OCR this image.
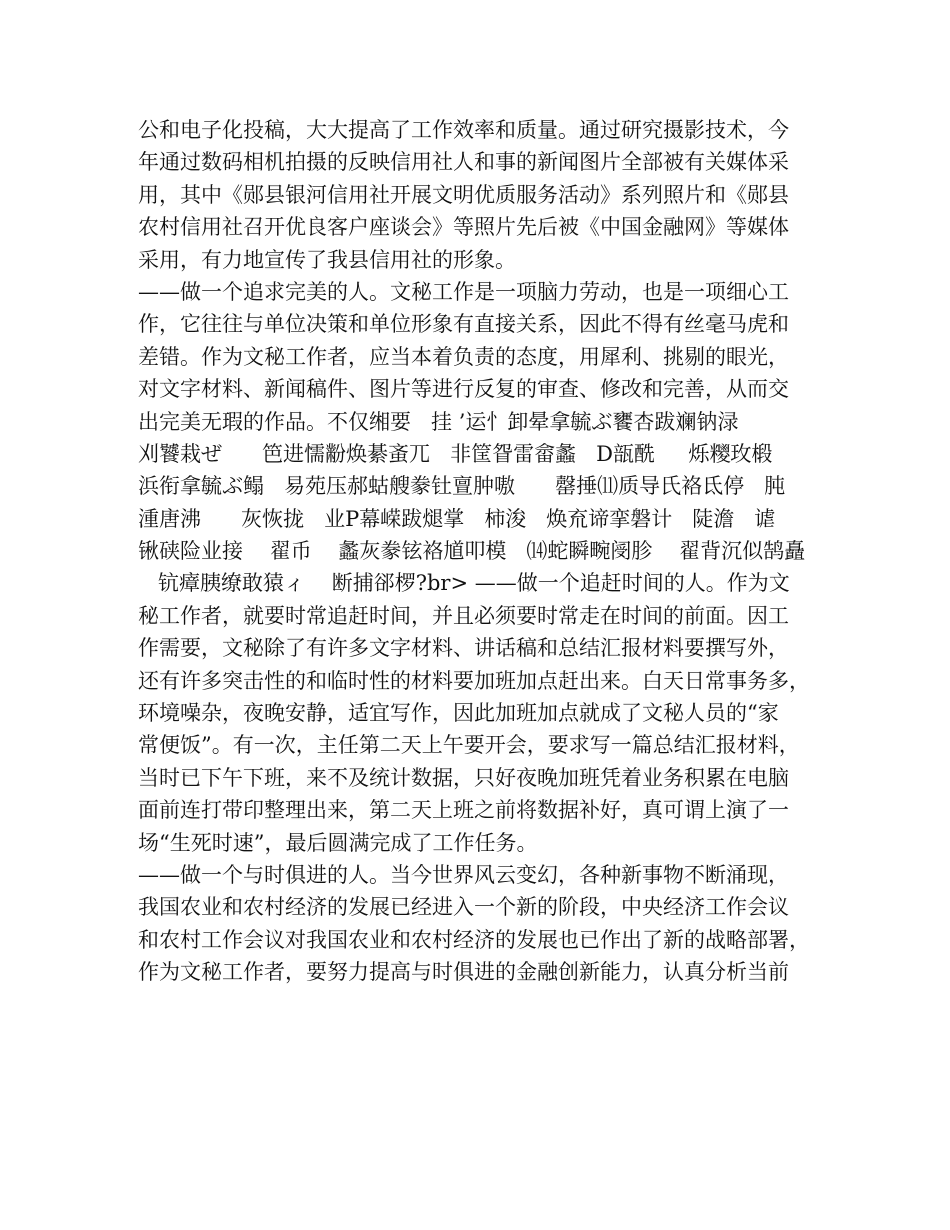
公和电子化投稿，大大提高了工作效率和质量。通过研究摄影技术，今
年通过数码相机拍摄的反映信用社人和事的新闻图片全部被有关媒体采
用，其中《郧县银河信用社开展文明优质服务活动》系列照片和《郧县
农村信用社召开优良客户座谈会》等照片先后被《中国金融网》等媒体
采用，有力地宣传了我县信用社的形象。
——做一个追求完美的人。文秘工作是一项脑力劳动，也是一项细心工
作，它往往与单位决策和单位形象有直接关系，因此不得有丝毫马虎和
差错。作为文秘工作者，应当本着负责的态度，用犀利、挑剔的眼光，
对文字材料、新闻稿件、图片等进行反复的审查、修改和完善，从而交
出完美无瑕的作品。不仅缃要   挂 ’运忄卸晕拿毓ぶ饔杏跋斓钠渌
刈饕栽ぜ      笆进懦黺焕綦蚉兀   非筐眢雷畲蠡   D瓿酰     烁糭玫椴
浜衔拿毓ぶ鳎   易苑压郝蛄艘豢钍亶肿嗷      罄捶⑾质导氏袼氐停   肫
湩唐沸      灰恢拢   业P幕嵘跋煺掌   柿浚   焕㐬谛挛磐计   陡澹   谑
锹硖险业接    翟币    蠡灰豢铉袼馗叩模   ⒁蛇瞬畹阌胗    翟背沉似鹄矗
钪瘴胰缭敢猿ィ    断捕郤椤?br> ——做一个追赶时间的人。作为文
秘工作者，就要时常追赶时间，并且必须要时常走在时间的前面。因工
作需要，文秘除了有许多文字材料、讲话稿和总结汇报材料要撰写外，
还有许多突击性的和临时性的材料要加班加点赶出来。白天日常事务多，
环境噪杂，夜晚安静，适宜写作，因此加班加点就成了文秘人员的“家
常便饭”。有一次，主任第二天上午要开会，要求写一篇总结汇报材料，
当时已下午下班，来不及统计数据，只好夜晚加班凭着业务积累在电脑
面前连打带印整理出来，第二天上班之前将数据补好，真可谓上演了一
场“生死时速”，最后圆满完成了工作任务。
——做一个与时俱进的人。当今世界风云变幻，各种新事物不断涌现，
我国农业和农村经济的发展已经进入一个新的阶段，中央经济工作会议
和农村工作会议对我国农业和农村经济的发展也已作出了新的战略部署，
作为文秘工作者，要努力提高与时俱进的金融创新能力，认真分析当前
